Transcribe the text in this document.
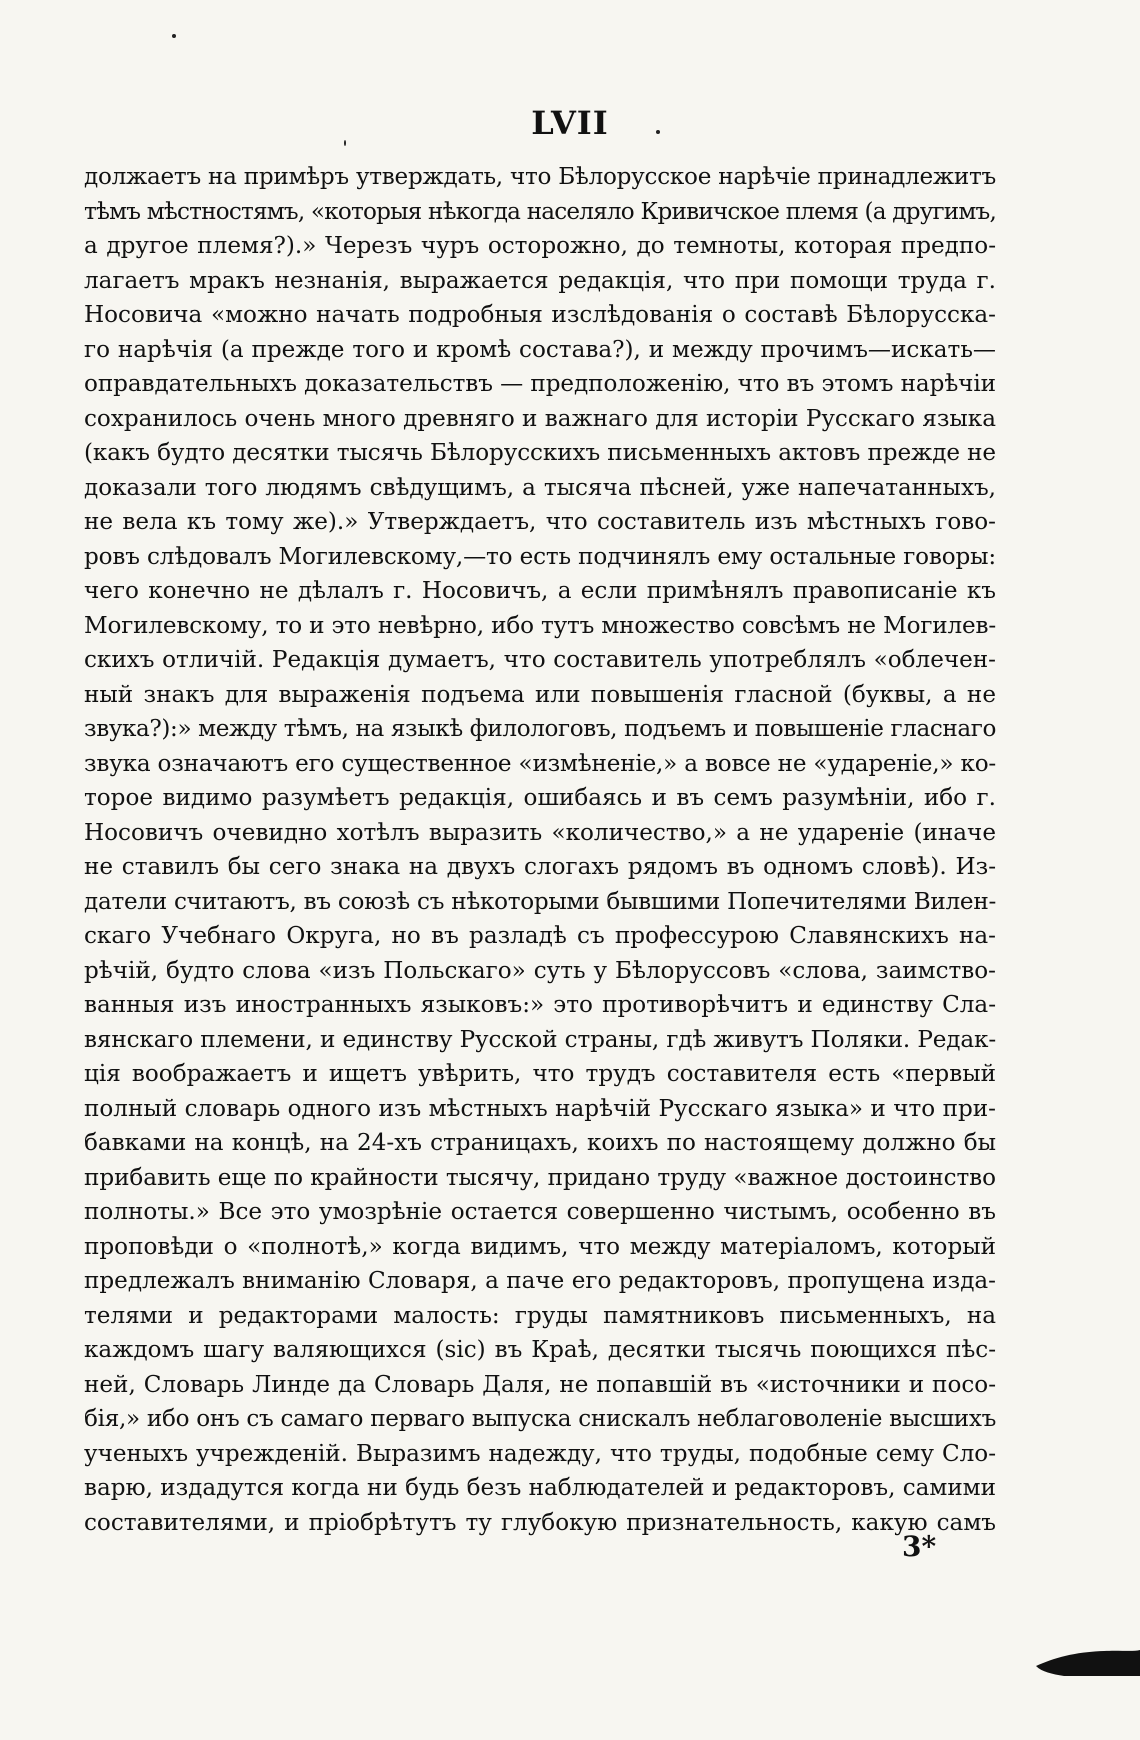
LVII
должаетъ на примѣръ утверждать, что Бѣлорусское нарѣчіе принадлежитъ
тѣмъ мѣстностямъ, «которыя нѣкогда населяло Кривичское племя (а другимъ,
а другое племя?).» Черезъ чуръ осторожно, до темноты, которая предпо-
лагаетъ мракъ незнанія, выражается редакція, что при помощи труда г.
Носовича «можно начать подробныя изслѣдованія о составѣ Бѣлорусска-
го нарѣчія (а прежде того и кромѣ состава?), и между прочимъ—искать—
оправдательныхъ доказательствъ — предположенію, что въ этомъ нарѣчіи
сохранилось очень много древняго и важнаго для исторіи Русскаго языка
(какъ будто десятки тысячь Бѣлорусскихъ письменныхъ актовъ прежде не
доказали того людямъ свѣдущимъ, а тысяча пѣсней, уже напечатанныхъ,
не вела къ тому же).» Утверждаетъ, что составитель изъ мѣстныхъ гово-
ровъ слѣдовалъ Могилевскому,—то есть подчинялъ ему остальные говоры:
чего конечно не дѣлалъ г. Носовичъ, а если примѣнялъ правописаніе къ
Могилевскому, то и это невѣрно, ибо тутъ множество совсѣмъ не Могилев-
скихъ отличій. Редакція думаетъ, что составитель употреблялъ «облечен-
ный знакъ для выраженія подъема или повышенія гласной (буквы, а не
звука?):» между тѣмъ, на языкѣ филологовъ, подъемъ и повышеніе гласнаго
звука означаютъ его существенное «измѣненіе,» а вовсе не «удареніе,» ко-
торое видимо разумѣетъ редакція, ошибаясь и въ семъ разумѣніи, ибо г.
Носовичъ очевидно хотѣлъ выразить «количество,» а не удареніе (иначе
не ставилъ бы сего знака на двухъ слогахъ рядомъ въ одномъ словѣ). Из-
датели считаютъ, въ союзѣ съ нѣкоторыми бывшими Попечителями Вилен-
скаго Учебнаго Округа, но въ разладѣ съ профессурою Славянскихъ на-
рѣчій, будто слова «изъ Польскаго» суть у Бѣлоруссовъ «слова, заимство-
ванныя изъ иностранныхъ языковъ:» это противорѣчитъ и единству Сла-
вянскаго племени, и единству Русской страны, гдѣ живутъ Поляки. Редак-
ція воображаетъ и ищетъ увѣрить, что трудъ составителя есть «первый
полный словарь одного изъ мѣстныхъ нарѣчій Русскаго языка» и что при-
бавками на концѣ, на 24-хъ страницахъ, коихъ по настоящему должно бы
прибавить еще по крайности тысячу, придано труду «важное достоинство
полноты.» Все это умозрѣніе остается совершенно чистымъ, особенно въ
проповѣди о «полнотѣ,» когда видимъ, что между матеріаломъ, который
предлежалъ вниманію Словаря, а паче его редакторовъ, пропущена изда-
телями и редакторами малость: груды памятниковъ письменныхъ, на
каждомъ шагу валяющихся (sic) въ Краѣ, десятки тысячь поющихся пѣс-
ней, Словарь Линде да Словарь Даля, не попавшій въ «источники и посо-
бія,» ибо онъ съ самаго перваго выпуска снискалъ неблаговоленіе высшихъ
ученыхъ учрежденій. Выразимъ надежду, что труды, подобные сему Сло-
варю, издадутся когда ни будь безъ наблюдателей и редакторовъ, самими
составителями, и пріобрѣтутъ ту глубокую признательность, какую самъ
3*
